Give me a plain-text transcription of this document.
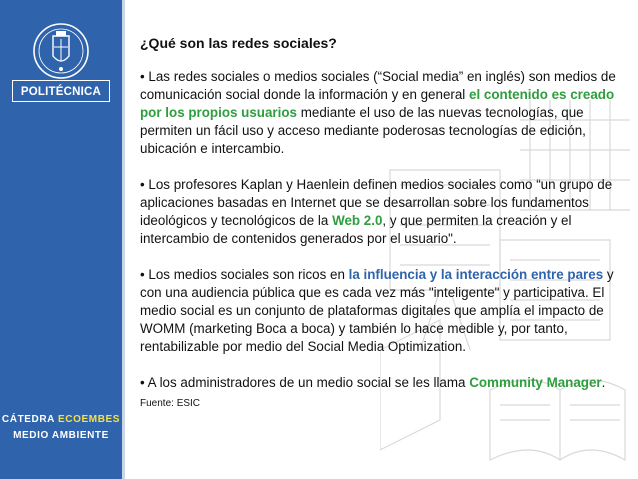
POLITÉCNICA
CÁTEDRA ECOEMBES
MEDIO AMBIENTE
¿Qué son las redes sociales?

• Las redes sociales o medios sociales (“Social media” en inglés) son medios de comunicación social donde la información y en general el contenido es creado por los propios usuarios mediante el uso de las nuevas tecnologías, que permiten un fácil uso y acceso mediante poderosas tecnologías de edición, ubicación e intercambio.

• Los profesores Kaplan y Haenlein definen medios sociales como “un grupo de aplicaciones basadas en Internet que se desarrollan sobre los fundamentos ideológicos y tecnológicos de la Web 2.0, y que permiten la creación y el intercambio de contenidos generados por el usuario".

• Los medios sociales son ricos en la influencia y la interacción entre pares y con una audiencia pública que es cada vez más "inteligente" y participativa. El medio social es un conjunto de plataformas digitales que amplía el impacto de WOMM (marketing Boca a boca) y también lo hace medible y, por tanto, rentabilizable por medio del Social Media Optimization.

• A los administradores de un medio social se les llama Community Manager.

Fuente: ESIC
